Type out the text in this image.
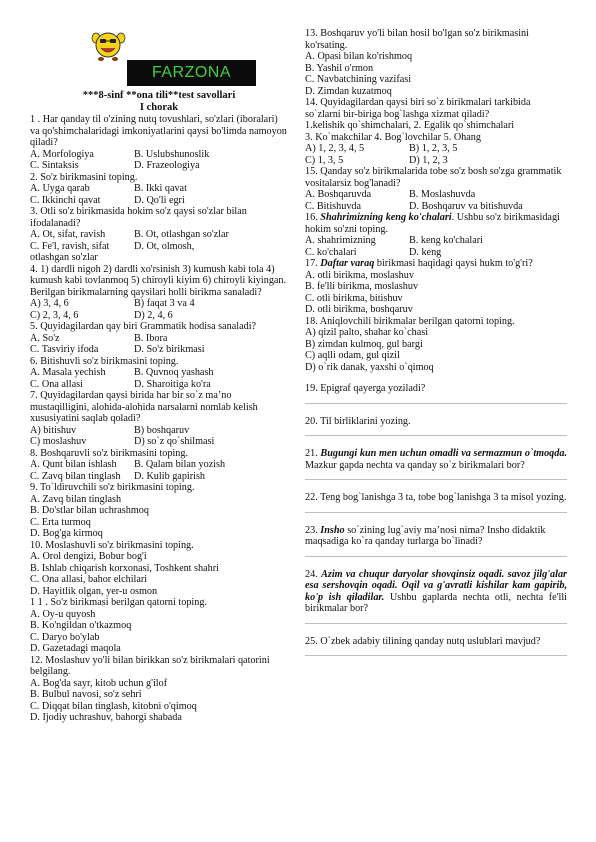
FARZONA
***8-sinf **ona tili**test savollari
I chorak
1 . Har qanday til o'zining nutq tovushlari, so'zlari (iboralari) va qo'shimchalaridagi imkoniyatlarini qaysi bo'limda namoyon qiladi?
A. Morfologiya	B. Uslubshunoslik
C. Sintaksis	D. Frazeologiya
2. So'z birikmasini toping.
A. Uyga qarab	B. Ikki qavat
C. Ikkinchi qavat	D. Qo'li egri
3. Otli so'z birikmasida hokim so'z qaysi so'zlar bilan ifodalanadi?
A. Ot, sifat, ravish	B. Ot, otlashgan so'zlar
C. Fe'l, ravish, sifat	D. Ot, olmosh,
otlashgan so'zlar
4. 1) dardli nigoh 2) dardli xo'rsinish 3) kumush kabi tola 4) kumush kabi tovlanmoq 5) chiroyli kiyim 6) chiroyli kiyingan. Berilgan birikmalarning qaysilari holli birikma sanaladi?
A) 3, 4, 6	B) faqat 3 va 4
C) 2, 3, 4, 6	D) 2, 4, 6
5. Quyidagilardan qay biri Grammatik hodisa sanaladi?
A. So'z	B. Ibora
C. Tasviriy ifoda	D. So'z birikmasi
6. Bitishuvli so'z birikmasini toping.
A. Masala yechish	B. Quvnoq yashash
C. Ona allasi	D. Sharoitiga ko'ra
7. Quyidagilardan qaysi birida har bir so`z ma’no mustaqilligini, alohida-alohida narsalarni nomlab kelish xususiyatini saqlab qoladi?
A) bitishuv	B) boshqaruv
C) moslashuv	D) so`z qo`shilmasi
8. Boshqaruvli so'z birikmasini toping.
A. Qunt bilan ishlash	B. Qalam bilan yozish
C. Zavq bilan tinglash	D. Kulib gapirish
9. To`ldiruvchili so'z birikmasini toping.
A. Zavq bilan tinglash
B. Do'stlar bilan uchrashmoq
C. Erta turmoq
D. Bog'ga kirmoq
10. Moslashuvli so'z birikmasini toping.
A. Orol dengizi, Bobur bog'i
B. Ishlab chiqarish korxonasi, Toshkent shahri
C. Ona allasi, bahor elchilari
D. Hayitlik olgan, yer-u osmon
1 1 . So'z birikmasi berilgan qatorni toping.
A. Oy-u quyosh
B. Ko'ngildan o'tkazmoq
C. Daryo bo'ylab
D. Gazetadagi maqola
12. Moslashuv yo'li bilan birikkan so'z birikmalari qatorini belgilang.
A. Bog'da sayr, kitob uchun g'ilof
B. Bulbul navosi, so'z sehri
C. Diqqat bilan tinglash, kitobni o'qimoq
D. Ijodiy uchrashuv, bahorgi shabada
13. Boshqaruv yo'li bilan hosil bo'lgan so'z birikmasini ko'rsating.
A. Opasi bilan ko'rishmoq
B. Yashil o'rmon
C. Navbatchining vazifasi
D. Zimdan kuzatmoq
14. Quyidagilardan qaysi biri so`z birikmalari tarkibida so`zlarni bir-biriga bog`lashga xizmat qiladi?
1.kelishik qo`shimchalari, 2. Egalik qo`shimchalari
3. Ko`makchilar 4. Bog`lovchilar 5. Ohang
A) 1, 2, 3, 4, 5	B) 1, 2, 3, 5
C) 1, 3, 5	D) 1, 2, 3
15. Qanday so'z birikmalarida tobe so'z bosh so'zga grammatik vositalarsiz bog'lanadi?
A. Boshqaruvda	B. Moslashuvda
C. Bitishuvda	D. Boshqaruv va bitishuvda
16. Shahrimizning keng ko'chalari. Ushbu so'z birikmasidagi hokim so'zni toping.
A. shahrimizning	B. keng ko'chalari
C. ko'chalari	D. keng
17. Daftar varaq birikmasi haqidagi qaysi hukm to'g'ri?
A. otli birikma, moslashuv
B. fe'lli birikma, moslashuv
C. otli birikma, bitishuv
D. otli birikma, boshqaruv
18. Aniqlovchili birikmalar berilgan qatorni toping.
A) qizil palto, shahar ko`chasi
B) zimdan kulmoq, gul bargi
C) aqlli odam, gul qizil
D) o`rik danak, yaxshi o`qimoq
19. Epigraf qayerga yoziladi?
20. Til birliklarini yozing.
21. Bugungi kun men uchun omadli va sermazmun o`tmoqda. Mazkur gapda nechta va qanday so`z birikmalari bor?
22. Teng bog`lanishga 3 ta, tobe bog`lanishga 3 ta misol yozing.
23. Insho so`zining lug`aviy ma’nosi nima? Insho didaktik maqsadiga ko`ra qanday turlarga bo`linadi?
24. Azim va chuqur daryolar shovqinsiz oqadi. savoz jilg'alar esa sershovqin oqadi. Oqil va g'avratli kishilar kam gapirib, ko'p ish qiladilar. Ushbu gaplarda nechta otli, nechta fe'lli birikmalar bor?
25. O`zbek adabiy tilining qanday nutq uslublari mavjud?
